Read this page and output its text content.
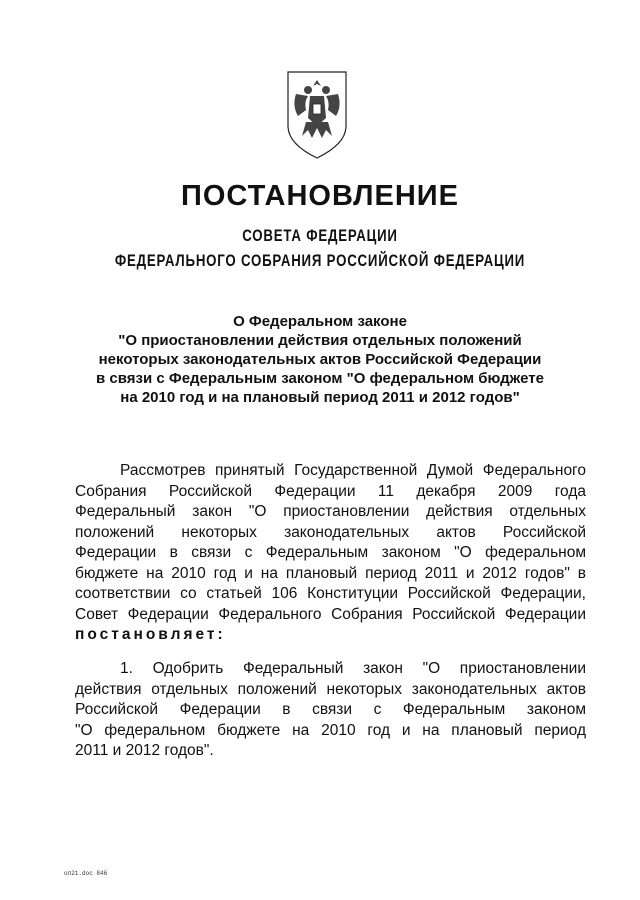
ПОСТАНОВЛЕНИЕ
СОВЕТА ФЕДЕРАЦИИ
ФЕДЕРАЛЬНОГО СОБРАНИЯ РОССИЙСКОЙ ФЕДЕРАЦИИ
О Федеральном законе
"О приостановлении действия отдельных положений
некоторых законодательных актов Российской Федерации
в связи с Федеральным законом "О федеральном бюджете
на 2010 год и на плановый период 2011 и 2012 годов"
Рассмотрев принятый Государственной Думой Федерального
Собрания Российской Федерации 11 декабря 2009 года
Федеральный закон "О приостановлении действия отдельных
положений некоторых законодательных актов Российской
Федерации в связи с Федеральным законом "О федеральном
бюджете на 2010 год и на плановый период 2011 и 2012 годов" в
соответствии со статьей 106 Конституции Российской Федерации,
Совет Федерации Федерального Собрания Российской Федерации
постановляет:
1. Одобрить Федеральный закон "О приостановлении
действия отдельных положений некоторых законодательных актов
Российской Федерации в связи с Федеральным законом
"О федеральном бюджете на 2010 год и на плановый период
2011 и 2012 годов".
оп21.doc 846
